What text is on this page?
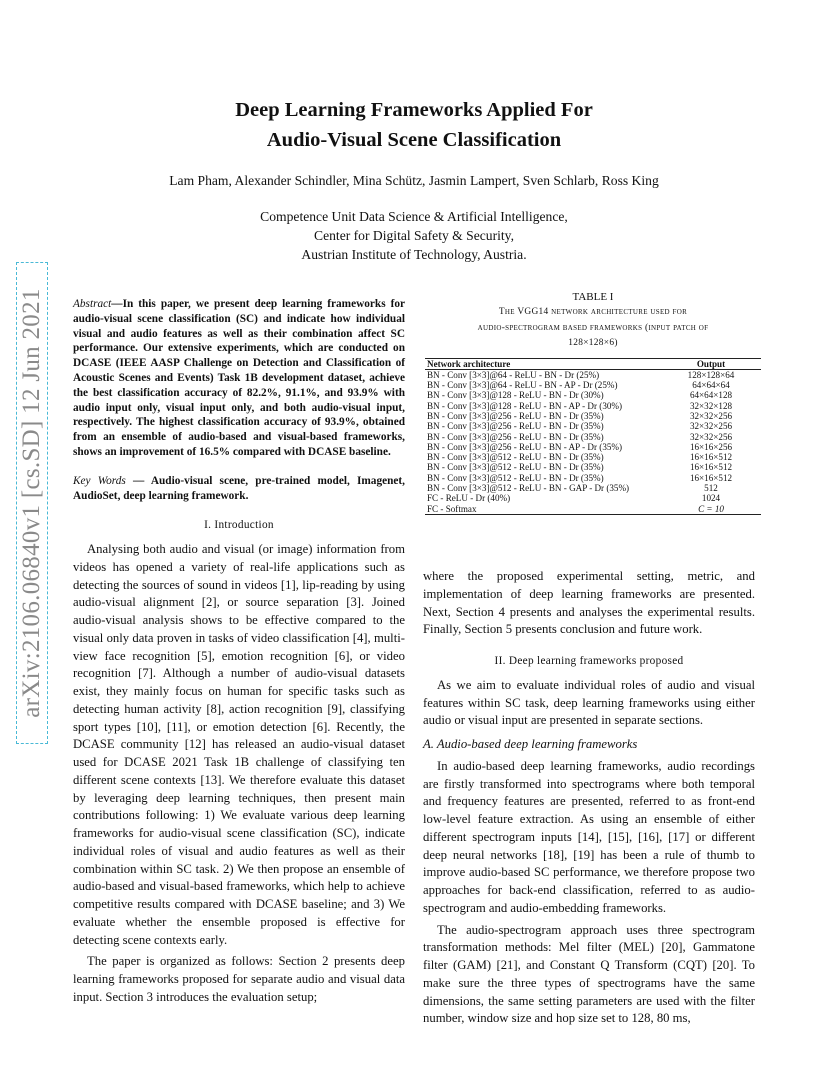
arXiv:2106.06840v1 [cs.SD] 12 Jun 2021
Deep Learning Frameworks Applied For
Audio-Visual Scene Classification
Lam Pham, Alexander Schindler, Mina Schütz, Jasmin Lampert, Sven Schlarb, Ross King
Competence Unit Data Science & Artificial Intelligence,
Center for Digital Safety & Security,
Austrian Institute of Technology, Austria.

Abstract—In this paper, we present deep learning frameworks for audio-visual scene classification (SC) and indicate how individual visual and audio features as well as their combination affect SC performance. Our extensive experiments, which are conducted on DCASE (IEEE AASP Challenge on Detection and Classification of Acoustic Scenes and Events) Task 1B development dataset, achieve the best classification accuracy of 82.2%, 91.1%, and 93.9% with audio input only, visual input only, and both audio-visual input, respectively. The highest classification accuracy of 93.9%, obtained from an ensemble of audio-based and visual-based frameworks, shows an improvement of 16.5% compared with DCASE baseline.

Key Words — Audio-visual scene, pre-trained model, Imagenet, AudioSet, deep learning framework.

I. Introduction

Analysing both audio and visual (or image) information from videos has opened a variety of real-life applications such as detecting the sources of sound in videos [1], lip-reading by using audio-visual alignment [2], or source separation [3]. Joined audio-visual analysis shows to be effective compared to the visual only data proven in tasks of video classification [4], multi-view face recognition [5], emotion recognition [6], or video recognition [7]. Although a number of audio-visual datasets exist, they mainly focus on human for specific tasks such as detecting human activity [8], action recognition [9], classifying sport types [10], [11], or emotion detection [6]. Recently, the DCASE community [12] has released an audio-visual dataset used for DCASE 2021 Task 1B challenge of classifying ten different scene contexts [13]. We therefore evaluate this dataset by leveraging deep learning techniques, then present main contributions following: 1) We evaluate various deep learning frameworks for audio-visual scene classification (SC), indicate individual roles of visual and audio features as well as their combination within SC task. 2) We then propose an ensemble of audio-based and visual-based frameworks, which help to achieve competitive results compared with DCASE baseline; and 3) We evaluate whether the ensemble proposed is effective for detecting scene contexts early.

The paper is organized as follows: Section 2 presents deep learning frameworks proposed for separate audio and visual data input. Section 3 introduces the evaluation setup;

TABLE I

The VGG14 network architecture used for
audio-spectrogram based frameworks (input patch of
128×128×6)
Network architecture	Output
BN - Conv [3×3]@64 - ReLU - BN - Dr (25%)	128×128×64
BN - Conv [3×3]@64 - ReLU - BN - AP - Dr (25%)	64×64×64
BN - Conv [3×3]@128 - ReLU - BN - Dr (30%)	64×64×128
BN - Conv [3×3]@128 - ReLU - BN - AP - Dr (30%)	32×32×128
BN - Conv [3×3]@256 - ReLU - BN - Dr (35%)	32×32×256
BN - Conv [3×3]@256 - ReLU - BN - Dr (35%)	32×32×256
BN - Conv [3×3]@256 - ReLU - BN - Dr (35%)	32×32×256
BN - Conv [3×3]@256 - ReLU - BN - AP - Dr (35%)	16×16×256
BN - Conv [3×3]@512 - ReLU - BN - Dr (35%)	16×16×512
BN - Conv [3×3]@512 - ReLU - BN - Dr (35%)	16×16×512
BN - Conv [3×3]@512 - ReLU - BN - Dr (35%)	16×16×512
BN - Conv [3×3]@512 - ReLU - BN - GAP - Dr (35%)	512
FC - ReLU - Dr (40%)	1024
FC - Softmax	C = 10

where the proposed experimental setting, metric, and implementation of deep learning frameworks are presented. Next, Section 4 presents and analyses the experimental results. Finally, Section 5 presents conclusion and future work.

II. Deep learning frameworks proposed

As we aim to evaluate individual roles of audio and visual features within SC task, deep learning frameworks using either audio or visual input are presented in separate sections.

A. Audio-based deep learning frameworks

In audio-based deep learning frameworks, audio recordings are firstly transformed into spectrograms where both temporal and frequency features are presented, referred to as front-end low-level feature extraction. As using an ensemble of either different spectrogram inputs [14], [15], [16], [17] or different deep neural networks [18], [19] has been a rule of thumb to improve audio-based SC performance, we therefore propose two approaches for back-end classification, referred to as audio-spectrogram and audio-embedding frameworks.

The audio-spectrogram approach uses three spectrogram transformation methods: Mel filter (MEL) [20], Gammatone filter (GAM) [21], and Constant Q Transform (CQT) [20]. To make sure the three types of spectrograms have the same dimensions, the same setting parameters are used with the filter number, window size and hop size set to 128, 80 ms,
